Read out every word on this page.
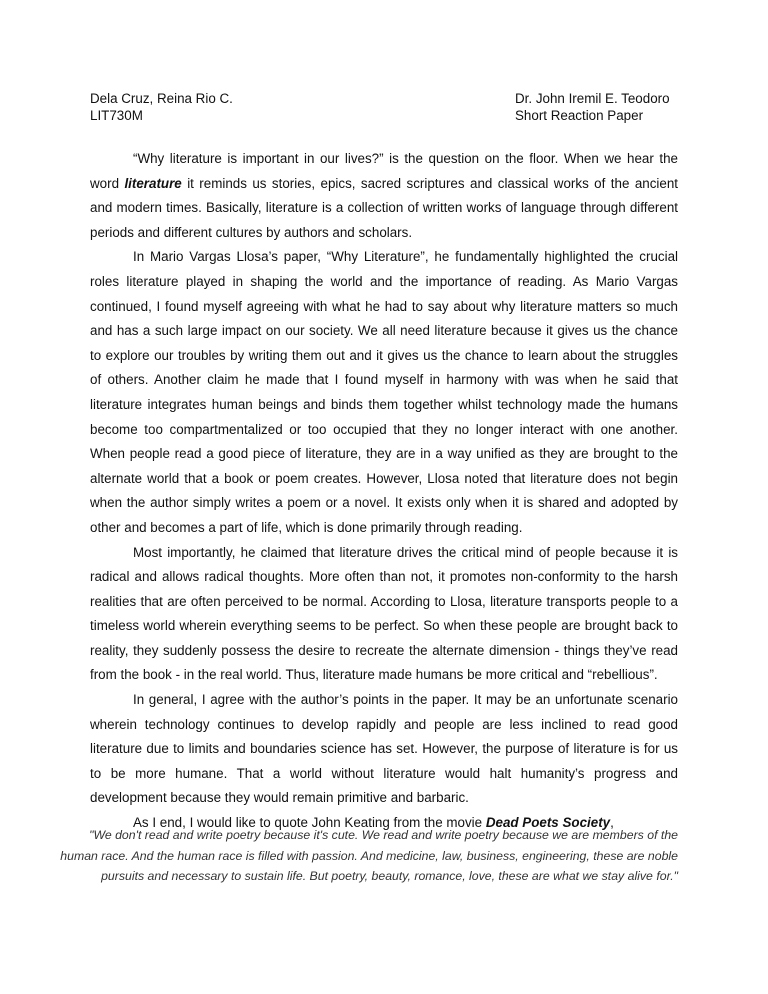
Dela Cruz, Reina Rio C.
LIT730M
Dr. John Iremil E. Teodoro
Short Reaction Paper

“Why literature is important in our lives?” is the question on the floor. When we hear the word literature it reminds us stories, epics, sacred scriptures and classical works of the ancient and modern times. Basically, literature is a collection of written works of language through different periods and different cultures by authors and scholars.

In Mario Vargas Llosa’s paper, “Why Literature”, he fundamentally highlighted the crucial roles literature played in shaping the world and the importance of reading. As Mario Vargas continued, I found myself agreeing with what he had to say about why literature matters so much and has a such large impact on our society. We all need literature because it gives us the chance to explore our troubles by writing them out and it gives us the chance to learn about the struggles of others. Another claim he made that I found myself in harmony with was when he said that literature integrates human beings and binds them together whilst technology made the humans become too compartmentalized or too occupied that they no longer interact with one another. When people read a good piece of literature, they are in a way unified as they are brought to the alternate world that a book or poem creates. However, Llosa noted that literature does not begin when the author simply writes a poem or a novel. It exists only when it is shared and adopted by other and becomes a part of life, which is done primarily through reading.

Most importantly, he claimed that literature drives the critical mind of people because it is radical and allows radical thoughts. More often than not, it promotes non-conformity to the harsh realities that are often perceived to be normal. According to Llosa, literature transports people to a timeless world wherein everything seems to be perfect. So when these people are brought back to reality, they suddenly possess the desire to recreate the alternate dimension - things they’ve read from the book - in the real world. Thus, literature made humans be more critical and “rebellious”.

In general, I agree with the author’s points in the paper. It may be an unfortunate scenario wherein technology continues to develop rapidly and people are less inclined to read good literature due to limits and boundaries science has set. However, the purpose of literature is for us to be more humane. That a world without literature would halt humanity’s progress and development because they would remain primitive and barbaric.

As I end, I would like to quote John Keating from the movie Dead Poets Society,

"We don't read and write poetry because it's cute. We read and write poetry because we are members of the human race. And the human race is filled with passion. And medicine, law, business, engineering, these are noble pursuits and necessary to sustain life. But poetry, beauty, romance, love, these are what we stay alive for."
